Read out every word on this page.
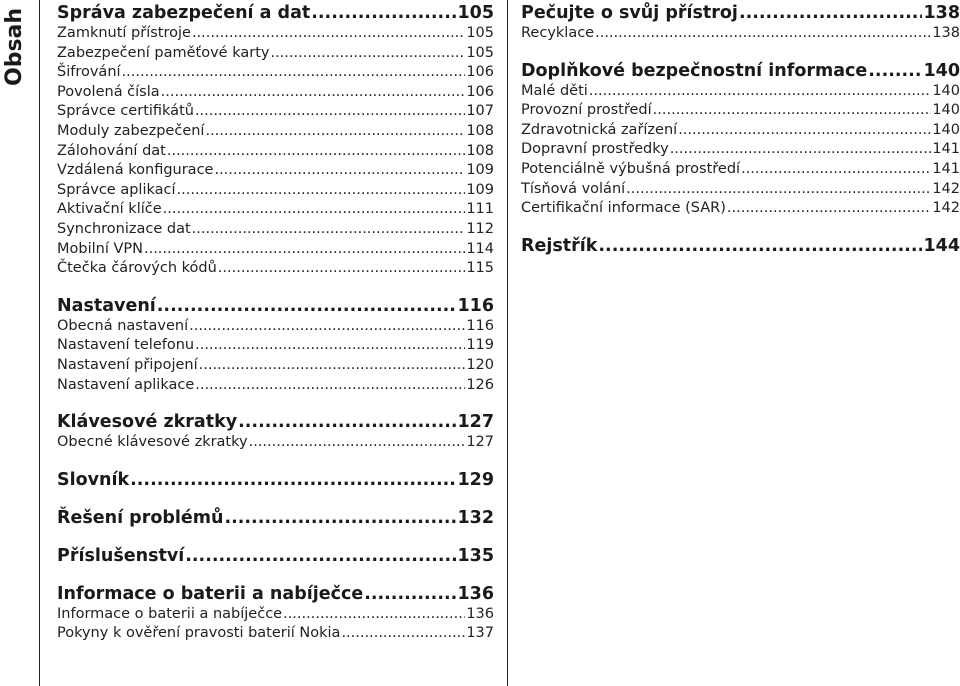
Obsah Správa zabezpečení a dat .....	105
Zamknutí přístroje .....	105
Zabezpečení paměťové karty .....	105
Šifrování .....	106
Povolená čísla .....	106
Správce certifikátů .....	107
Moduly zabezpečení .....	108
Zálohování dat .....	108
Vzdálená konfigurace .....	109
Správce aplikací .....	109
Aktivační klíče .....	111
Synchronizace dat .....	112
Mobilní VPN .....	114
Čtečka čárových kódů .....	115
Nastavení .....	116
Obecná nastavení .....	116
Nastavení telefonu .....	119
Nastavení připojení .....	120
Nastavení aplikace .....	126
Klávesové zkratky .....	127
Obecné klávesové zkratky .....	127
Slovník .....	129
Řešení problémů .....	132
Příslušenství .....	135
Informace o baterii a nabíječce .....	136
Informace o baterii a nabíječce .....	136
Pokyny k ověření pravosti baterií Nokia .....	137
Pečujte o svůj přístroj .....	138
Recyklace .....	138
Doplňkové bezpečnostní informace .....	140
Malé děti .....	140
Provozní prostředí .....	140
Zdravotnická zařízení .....	140
Dopravní prostředky .....	141
Potenciálně výbušná prostředí .....	141
Tísňová volání .....	142
Certifikační informace (SAR) .....	142
Rejstřík .....	144
